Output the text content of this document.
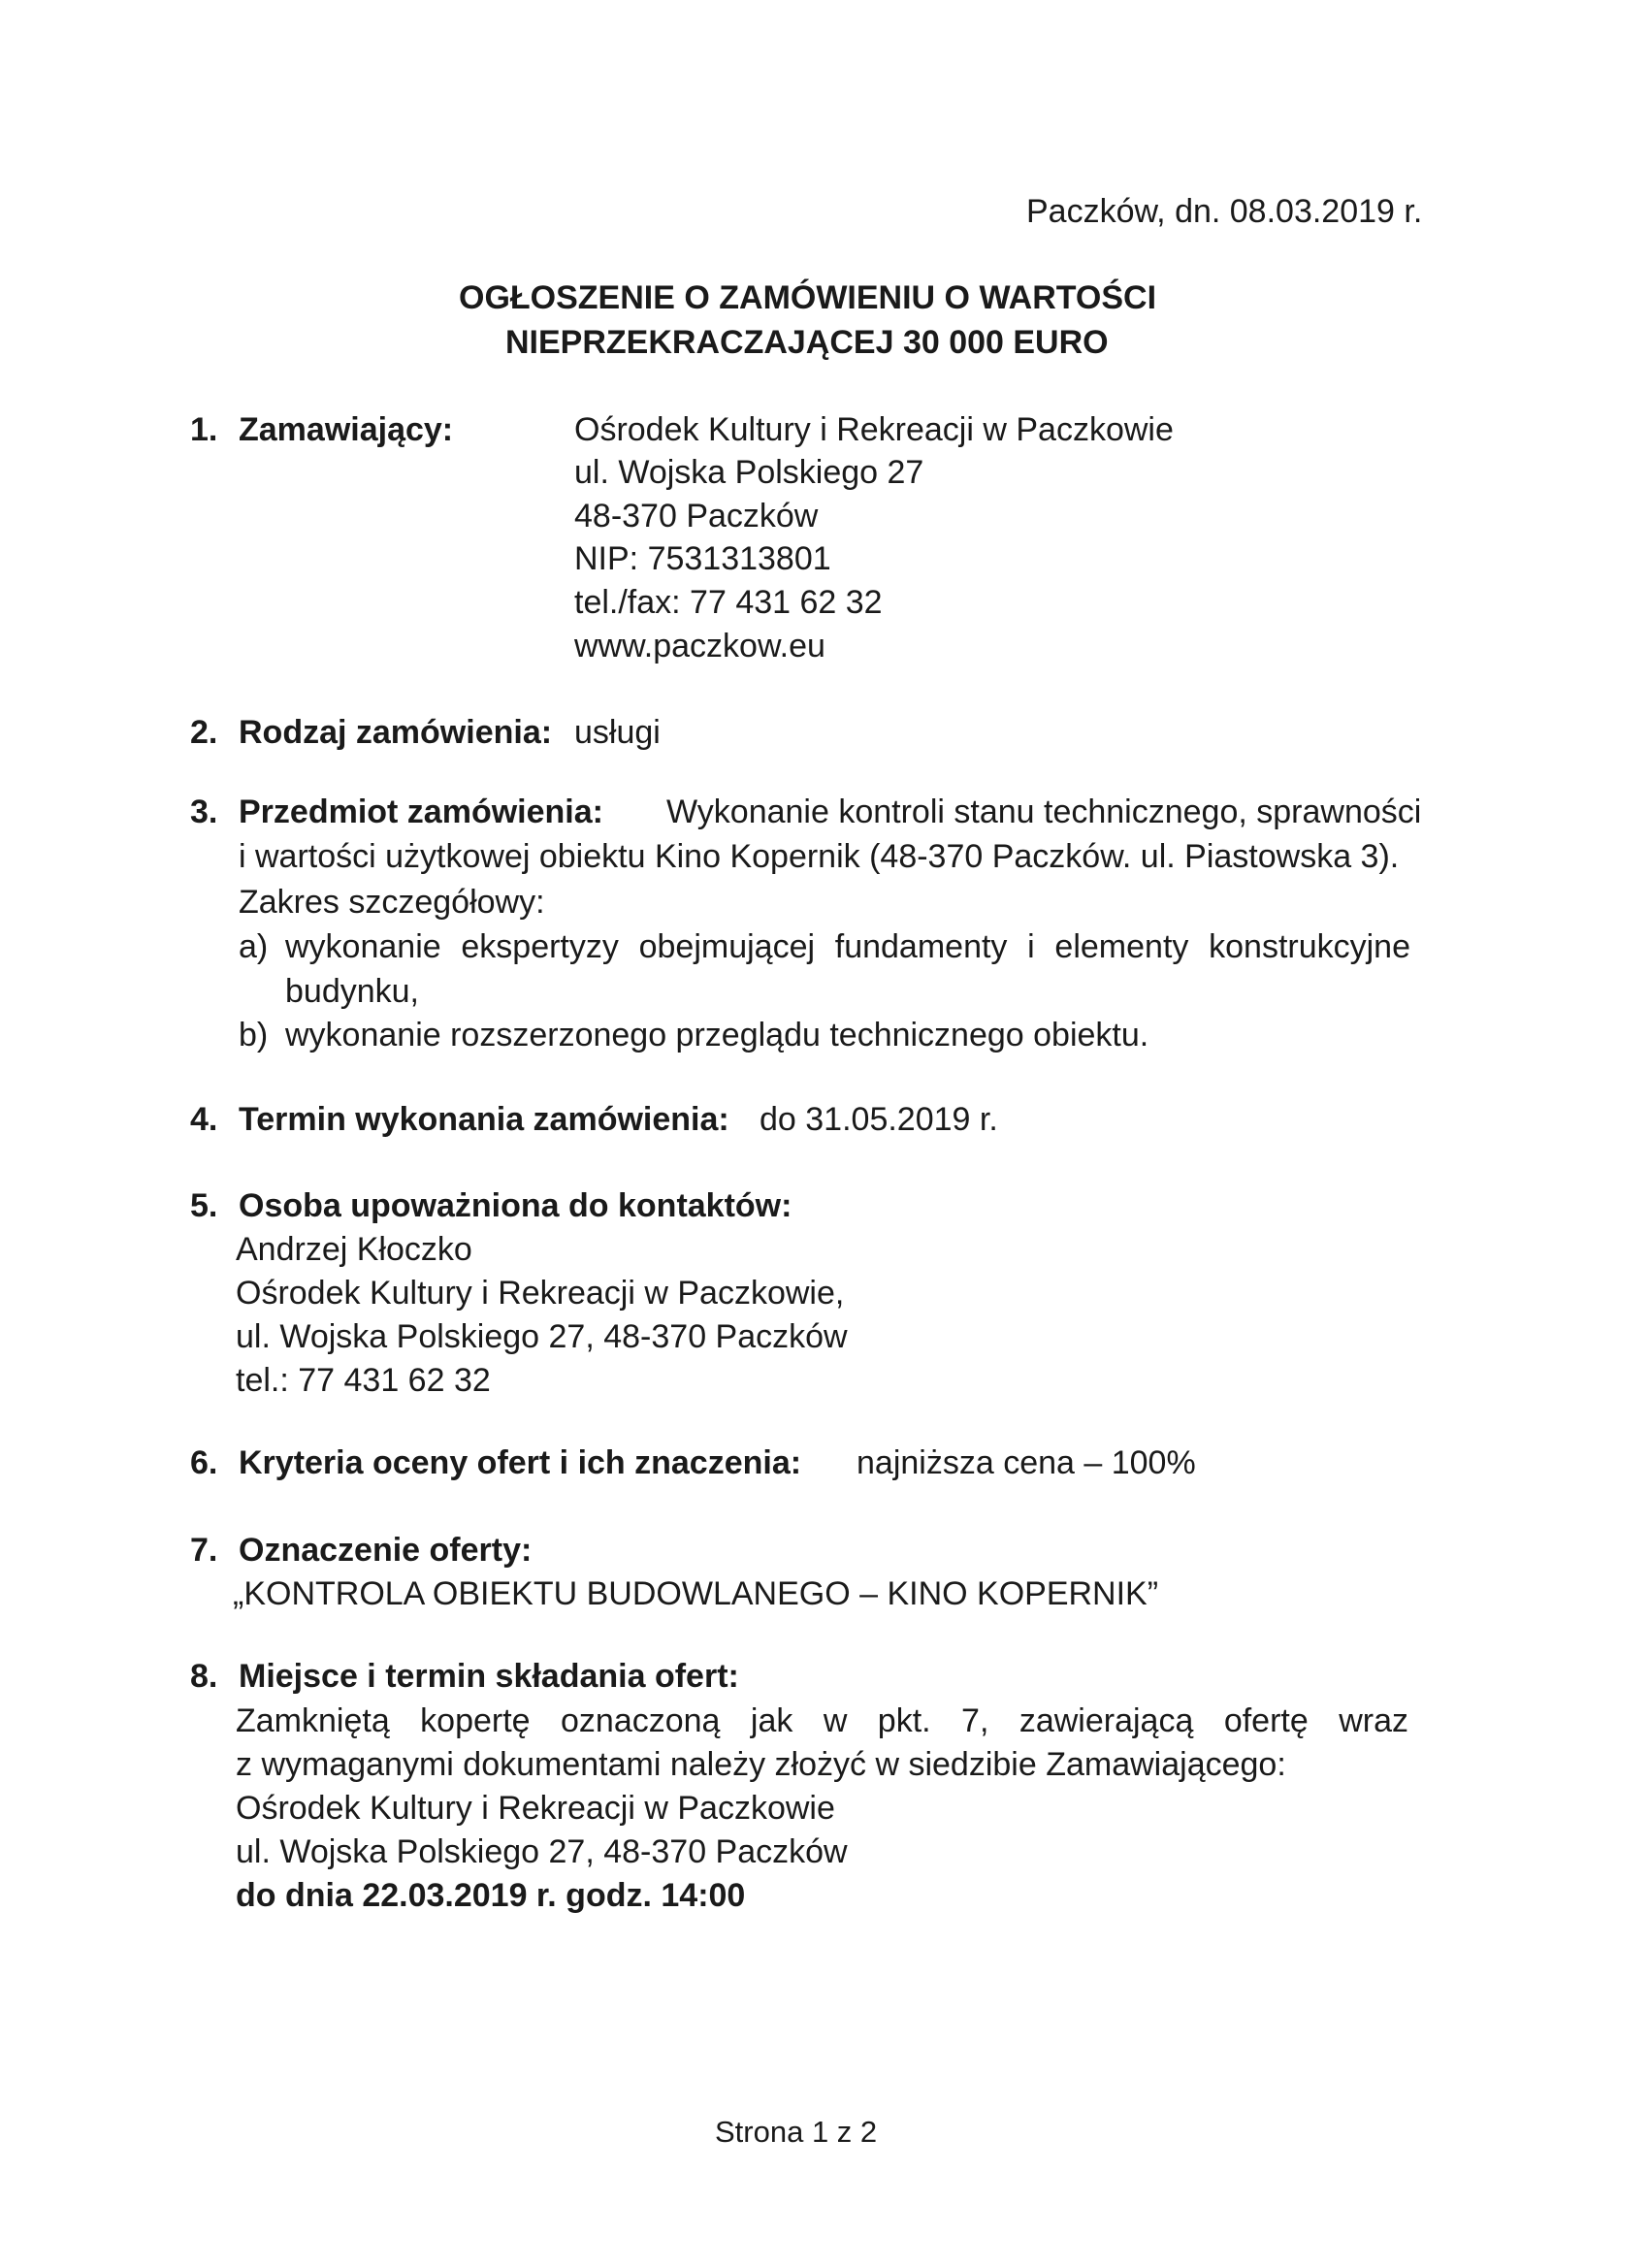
Paczków, dn. 08.03.2019 r.
OGŁOSZENIE O ZAMÓWIENIU O WARTOŚCI
NIEPRZEKRACZAJĄCEJ 30 000 EURO
1. Zamawiający:	Ośrodek Kultury i Rekreacji w Paczkowie
ul. Wojska Polskiego 27
48-370 Paczków
NIP: 7531313801
tel./fax: 77 431 62 32
www.paczkow.eu
2. Rodzaj zamówienia: usługi
3. Przedmiot zamówienia: Wykonanie kontroli stanu technicznego, sprawności
i wartości użytkowej obiektu Kino Kopernik (48-370 Paczków. ul. Piastowska 3).
Zakres szczegółowy:
a) wykonanie ekspertyzy obejmującej fundamenty i elementy konstrukcyjne
budynku,
b) wykonanie rozszerzonego przeglądu technicznego obiektu.
4. Termin wykonania zamówienia: do 31.05.2019 r.
5. Osoba upoważniona do kontaktów:
Andrzej Kłoczko
Ośrodek Kultury i Rekreacji w Paczkowie,
ul. Wojska Polskiego 27, 48-370 Paczków
tel.: 77 431 62 32
6. Kryteria oceny ofert i ich znaczenia: najniższa cena – 100%
7. Oznaczenie oferty:
„KONTROLA OBIEKTU BUDOWLANEGO – KINO KOPERNIK”
8. Miejsce i termin składania ofert:
Zamkniętą kopertę oznaczoną jak w pkt. 7, zawierającą ofertę wraz
z wymaganymi dokumentami należy złożyć w siedzibie Zamawiającego:
Ośrodek Kultury i Rekreacji w Paczkowie
ul. Wojska Polskiego 27, 48-370 Paczków
do dnia 22.03.2019 r. godz. 14:00
Strona 1 z 2
